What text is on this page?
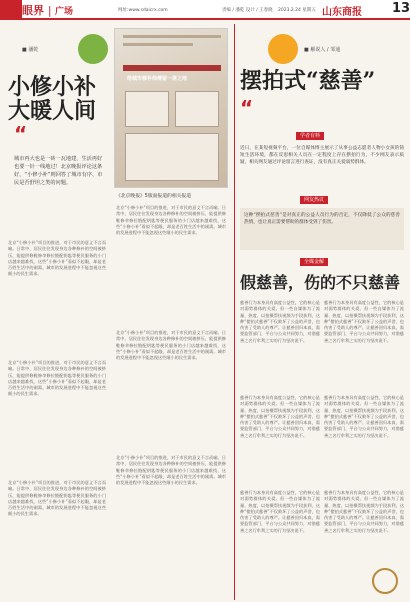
眼界 | 广场	网址:www.sdaicrx.com	责编 / 潘乾 设计 / 王春晓 2023.2.24 星期五 山东商报 13
■ 潘乾
小修小补
大暖人间
“
城市再大也是一砖一瓦地建，生活再好也要一针一线地过！北京晚报评论这条好，“小修小补”则回答了城市有序、市民是否舒坦之类的问题。
北京“小修小补”项目的推进，对于市民的意义不言而喻。日常中，居民往往发现身边各种修补的空间被挤压，能提供修鞋修伞修拉链配钥匙等便民服务的小门店越来越难找，这些“小修小补”看似不起眼，却是老百姓生活中的刚需。城市的发展进程中不能忽视这些细小的民生需求。
北京“小修小补”项目的推进，对于市民的意义不言而喻。日常中，居民往往发现身边各种修补的空间被挤压，能提供修鞋修伞修拉链配钥匙等便民服务的小门店越来越难找，这些“小修小补”看似不起眼，却是老百姓生活中的刚需。城市的发展进程中不能忽视这些细小的民生需求。
北京“小修小补”项目的推进，对于市民的意义不言而喻。日常中，居民往往发现身边各种修补的空间被挤压，能提供修鞋修伞修拉链配钥匙等便民服务的小门店越来越难找，这些“小修小补”看似不起眼，却是老百姓生活中的刚需。城市的发展进程中不能忽视这些细小的民生需求。
给城市修补师傅留一席之地
《北京晚报》5版面报道的相关报道
北京“小修小补”项目的推进，对于市民的意义不言而喻。日常中，居民往往发现身边各种修补的空间被挤压，能提供修鞋修伞修拉链配钥匙等便民服务的小门店越来越难找，这些“小修小补”看似不起眼，却是老百姓生活中的刚需。城市的发展进程中不能忽视这些细小的民生需求。
北京“小修小补”项目的推进，对于市民的意义不言而喻。日常中，居民往往发现身边各种修补的空间被挤压，能提供修鞋修伞修拉链配钥匙等便民服务的小门店越来越难找，这些“小修小补”看似不起眼，却是老百姓生活中的刚需。城市的发展进程中不能忽视这些细小的民生需求。
北京“小修小补”项目的推进，对于市民的意义不言而喻。日常中，居民往往发现身边各种修补的空间被挤压，能提供修鞋修伞修拉链配钥匙等便民服务的小门店越来越难找，这些“小修小补”看似不起眼，却是老百姓生活中的刚需。城市的发展进程中不能忽视这些细小的民生需求。
■ 解说人 / 邹通
摆拍式“慈善”
“
学者有料
近日，在某短视频平台，一位自媒体博主展示了从事公益志愿者人物小女孩的简短生活环境，都在反思相关人员在一定程度上存在摆拍行为，不少网友表示质疑，相关网友通过评论留言进行查证，没有真正关爱弱势群体。
网友热议
这种“摆拍式慈善”是对真正的公益人员行为的否定，不仅降低了公众的慈善热情，也让真正需要帮助的群体受到了伤害。
全媒金解
假慈善，伤的不只慈善
慈善行为本身具有高度公益性，它的核心是对弱势群体的关爱。但一些自媒体为了流量、热度，以拍摄帮扶视频为手段获利，这种“摆拍式慈善”不仅败坏了公益的声誉，也伤害了受助人的尊严。让慈善回归本真，需要监管部门、平台与公众共同努力，对借慈善之名行牟利之实的行为坚决说不。
慈善行为本身具有高度公益性，它的核心是对弱势群体的关爱。但一些自媒体为了流量、热度，以拍摄帮扶视频为手段获利，这种“摆拍式慈善”不仅败坏了公益的声誉，也伤害了受助人的尊严。让慈善回归本真，需要监管部门、平台与公众共同努力，对借慈善之名行牟利之实的行为坚决说不。
慈善行为本身具有高度公益性，它的核心是对弱势群体的关爱。但一些自媒体为了流量、热度，以拍摄帮扶视频为手段获利，这种“摆拍式慈善”不仅败坏了公益的声誉，也伤害了受助人的尊严。让慈善回归本真，需要监管部门、平台与公众共同努力，对借慈善之名行牟利之实的行为坚决说不。
慈善行为本身具有高度公益性，它的核心是对弱势群体的关爱。但一些自媒体为了流量、热度，以拍摄帮扶视频为手段获利，这种“摆拍式慈善”不仅败坏了公益的声誉，也伤害了受助人的尊严。让慈善回归本真，需要监管部门、平台与公众共同努力，对借慈善之名行牟利之实的行为坚决说不。
慈善行为本身具有高度公益性，它的核心是对弱势群体的关爱。但一些自媒体为了流量、热度，以拍摄帮扶视频为手段获利，这种“摆拍式慈善”不仅败坏了公益的声誉，也伤害了受助人的尊严。让慈善回归本真，需要监管部门、平台与公众共同努力，对借慈善之名行牟利之实的行为坚决说不。
慈善行为本身具有高度公益性，它的核心是对弱势群体的关爱。但一些自媒体为了流量、热度，以拍摄帮扶视频为手段获利，这种“摆拍式慈善”不仅败坏了公益的声誉，也伤害了受助人的尊严。让慈善回归本真，需要监管部门、平台与公众共同努力，对借慈善之名行牟利之实的行为坚决说不。
